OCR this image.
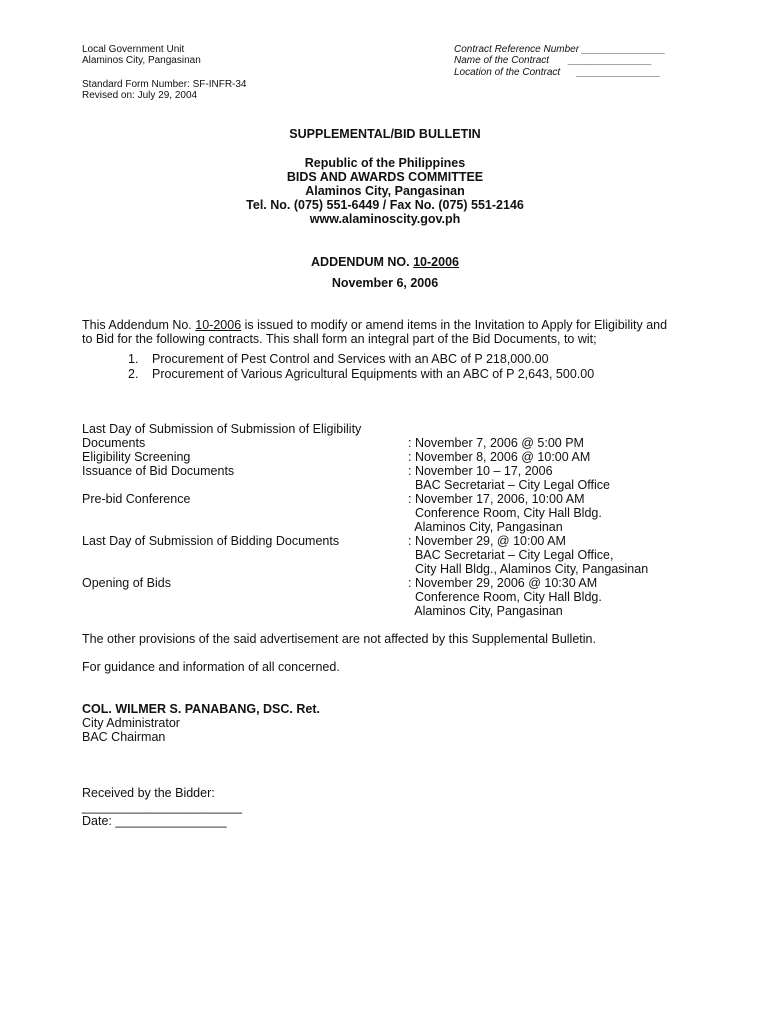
Local Government Unit
Alaminos City, Pangasinan
Standard Form Number: SF-INFR-34
Revised on: July 29, 2004
Contract Reference Number _______________
Name of the Contract       _______________
Location of the Contract      _______________
SUPPLEMENTAL/BID BULLETIN
Republic of the Philippines
BIDS AND AWARDS COMMITTEE
Alaminos City, Pangasinan
Tel. No. (075) 551-6449 / Fax No. (075) 551-2146
www.alaminoscity.gov.ph
ADDENDUM NO. 10-2006
November 6, 2006
This Addendum No. 10-2006 is issued to modify or amend items in the Invitation to Apply for Eligibility and
to Bid for the following contracts. This shall form an integral part of the Bid Documents, to wit;
1. Procurement of Pest Control and Services with an ABC of P 218,000.00
2. Procurement of Various Agricultural Equipments with an ABC of P 2,643, 500.00
Last Day of Submission of Submission of Eligibility
Documents
Eligibility Screening
Issuance of Bid Documents
Pre-bid Conference
Last Day of Submission of Bidding Documents
Opening of Bids
: November 7, 2006 @ 5:00 PM
: November 8, 2006 @ 10:00 AM
: November 10 – 17, 2006
BAC Secretariat – City Legal Office
: November 17, 2006, 10:00 AM
Conference Room, City Hall Bldg.
Alaminos City, Pangasinan
: November 29, @ 10:00 AM
BAC Secretariat – City Legal Office,
City Hall Bldg., Alaminos City, Pangasinan
: November 29, 2006 @ 10:30 AM
Conference Room, City Hall Bldg.
Alaminos City, Pangasinan
The other provisions of the said advertisement are not affected by this Supplemental Bulletin.
For guidance and information of all concerned.
COL. WILMER S. PANABANG, DSC. Ret.
City Administrator
BAC Chairman
Received by the Bidder:
_______________________
Date: ________________
